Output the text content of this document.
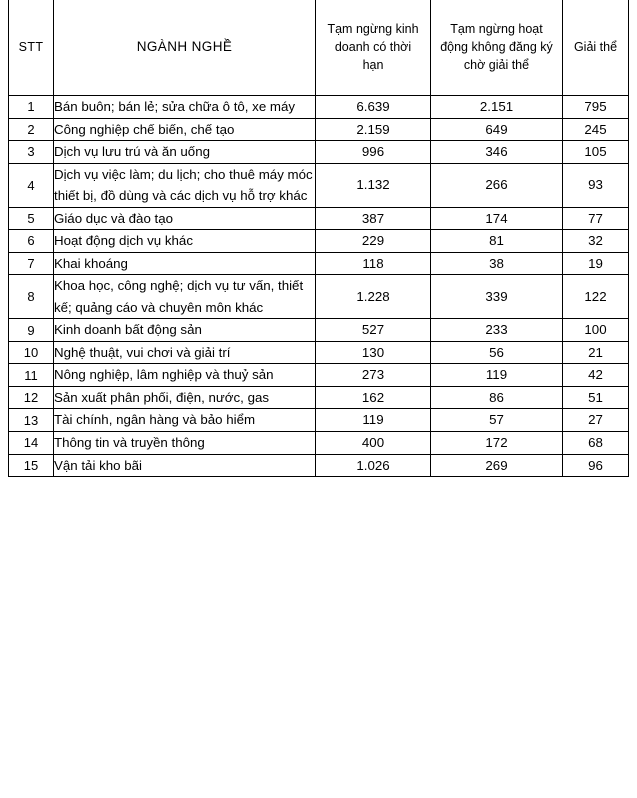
STT	NGÀNH NGHỀ	Tạm ngừng kinh doanh có thời hạn	Tạm ngừng hoạt động không đăng ký chờ giải thể	Giải thể
1	Bán buôn; bán lẻ; sửa chữa ô tô, xe máy	6.639	2.151	795
2	Công nghiệp chế biến, chế tạo	2.159	649	245
3	Dịch vụ lưu trú và ăn uống	996	346	105
4	Dịch vụ việc làm; du lịch; cho thuê máy móc thiết bị, đồ dùng và các dịch vụ hỗ trợ khác	1.132	266	93
5	Giáo dục và đào tạo	387	174	77
6	Hoạt động dịch vụ khác	229	81	32
7	Khai khoáng	118	38	19
8	Khoa học, công nghệ; dịch vụ tư vấn, thiết kế; quảng cáo và chuyên môn khác	1.228	339	122
9	Kinh doanh bất động sản	527	233	100
10	Nghệ thuật, vui chơi và giải trí	130	56	21
11	Nông nghiệp, lâm nghiệp và thuỷ sản	273	119	42
12	Sản xuất phân phối, điện, nước, gas	162	86	51
13	Tài chính, ngân hàng và bảo hiểm	119	57	27
14	Thông tin và truyền thông	400	172	68
15	Vận tải kho bãi	1.026	269	96
